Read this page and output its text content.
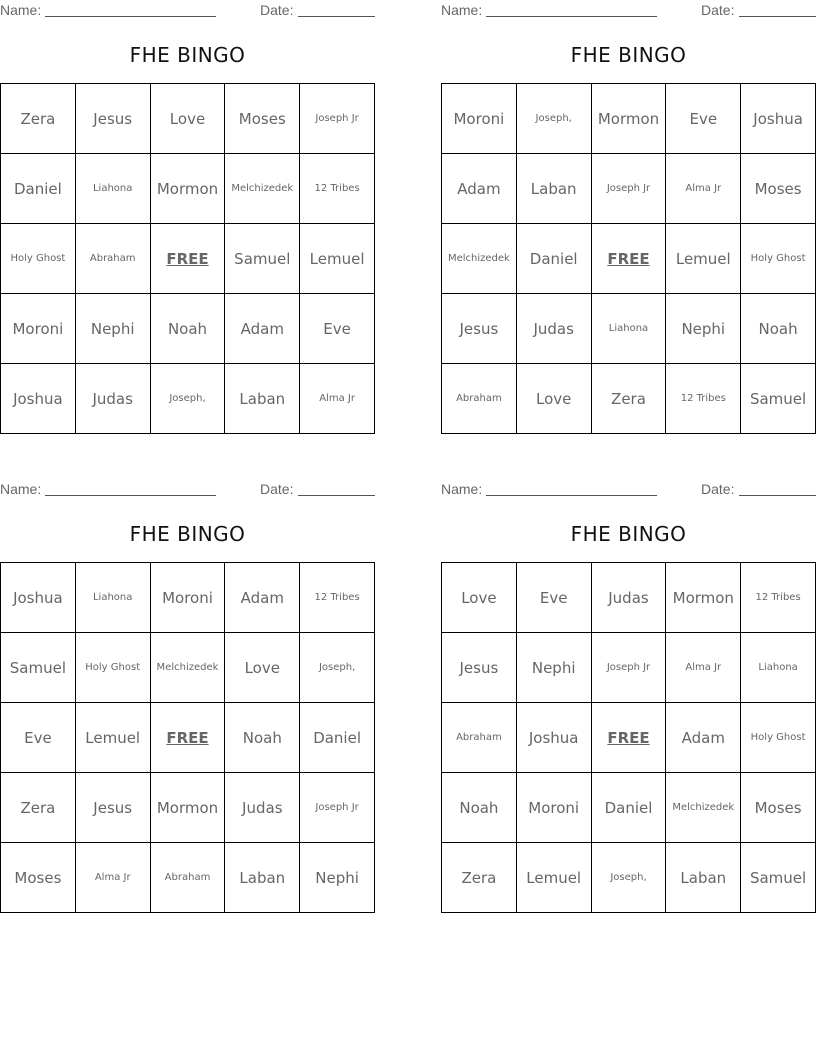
Name:	Date:
FHE BINGO
Zera	Jesus	Love	Moses	Joseph Jr
Daniel	Liahona	Mormon	Melchizedek	12 Tribes
Holy Ghost	Abraham	FREE	Samuel	Lemuel
Moroni	Nephi	Noah	Adam	Eve
Joshua	Judas	Joseph,	Laban	Alma Jr
Name:	Date:
FHE BINGO
Moroni	Joseph,	Mormon	Eve	Joshua
Adam	Laban	Joseph Jr	Alma Jr	Moses
Melchizedek	Daniel	FREE	Lemuel	Holy Ghost
Jesus	Judas	Liahona	Nephi	Noah
Abraham	Love	Zera	12 Tribes	Samuel
Name:	Date:
FHE BINGO
Joshua	Liahona	Moroni	Adam	12 Tribes
Samuel	Holy Ghost	Melchizedek	Love	Joseph,
Eve	Lemuel	FREE	Noah	Daniel
Zera	Jesus	Mormon	Judas	Joseph Jr
Moses	Alma Jr	Abraham	Laban	Nephi
Name:	Date:
FHE BINGO
Love	Eve	Judas	Mormon	12 Tribes
Jesus	Nephi	Joseph Jr	Alma Jr	Liahona
Abraham	Joshua	FREE	Adam	Holy Ghost
Noah	Moroni	Daniel	Melchizedek	Moses
Zera	Lemuel	Joseph,	Laban	Samuel
